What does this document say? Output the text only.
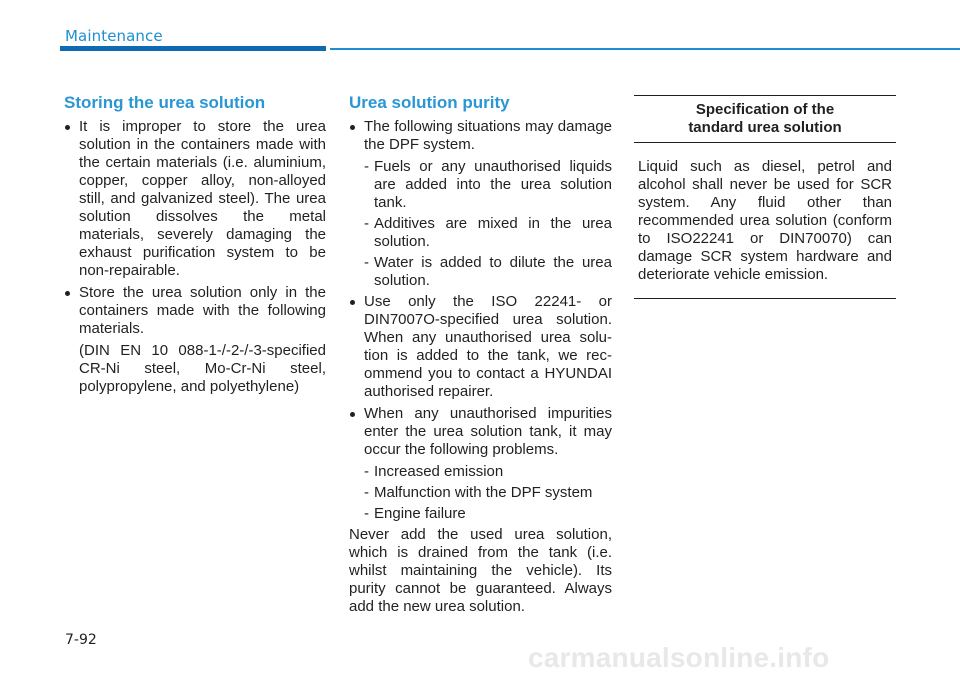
Maintenance
Storing the urea solution
It is improper to store the urea solution in the containers made with the certain materials (i.e. aluminium, copper, copper alloy, non-alloyed still, and galvanized steel). The urea solution dissolves the metal materials, severely damaging the exhaust purification system to be non-repairable.
Store the urea solution only in the containers made with the following materials.

(DIN EN 10 088-1-/-2-/-3-specified CR-Ni steel, Mo-Cr-Ni steel, polypropylene, and polyethylene)

Urea solution purity
The following situations may damage the DPF system.
- Fuels or any unauthorised liquids are added into the urea solution tank.
- Additives are mixed in the urea solution.
- Water is added to dilute the urea solution.
Use only the ISO 22241- or DIN7007O-specified urea solution. When any unauthorised urea solution is added to the tank, we recommend you to contact a HYUNDAI authorised repairer.
When any unauthorised impurities enter the urea solution tank, it may occur the following problems.
- Increased emission
- Malfunction with the DPF system
- Engine failure

Never add the used urea solution, which is drained from the tank (i.e. whilst maintaining the vehicle). Its purity cannot be guaranteed. Always add the new urea solution.

Specification of the
tandard urea solution
Liquid such as diesel, petrol and alcohol shall never be used for SCR system. Any fluid other than recommended urea solution (conform to ISO22241 or DIN70070) can damage SCR system hardware and deteriorate vehicle emission.
7-92
carmanualsonline.info
